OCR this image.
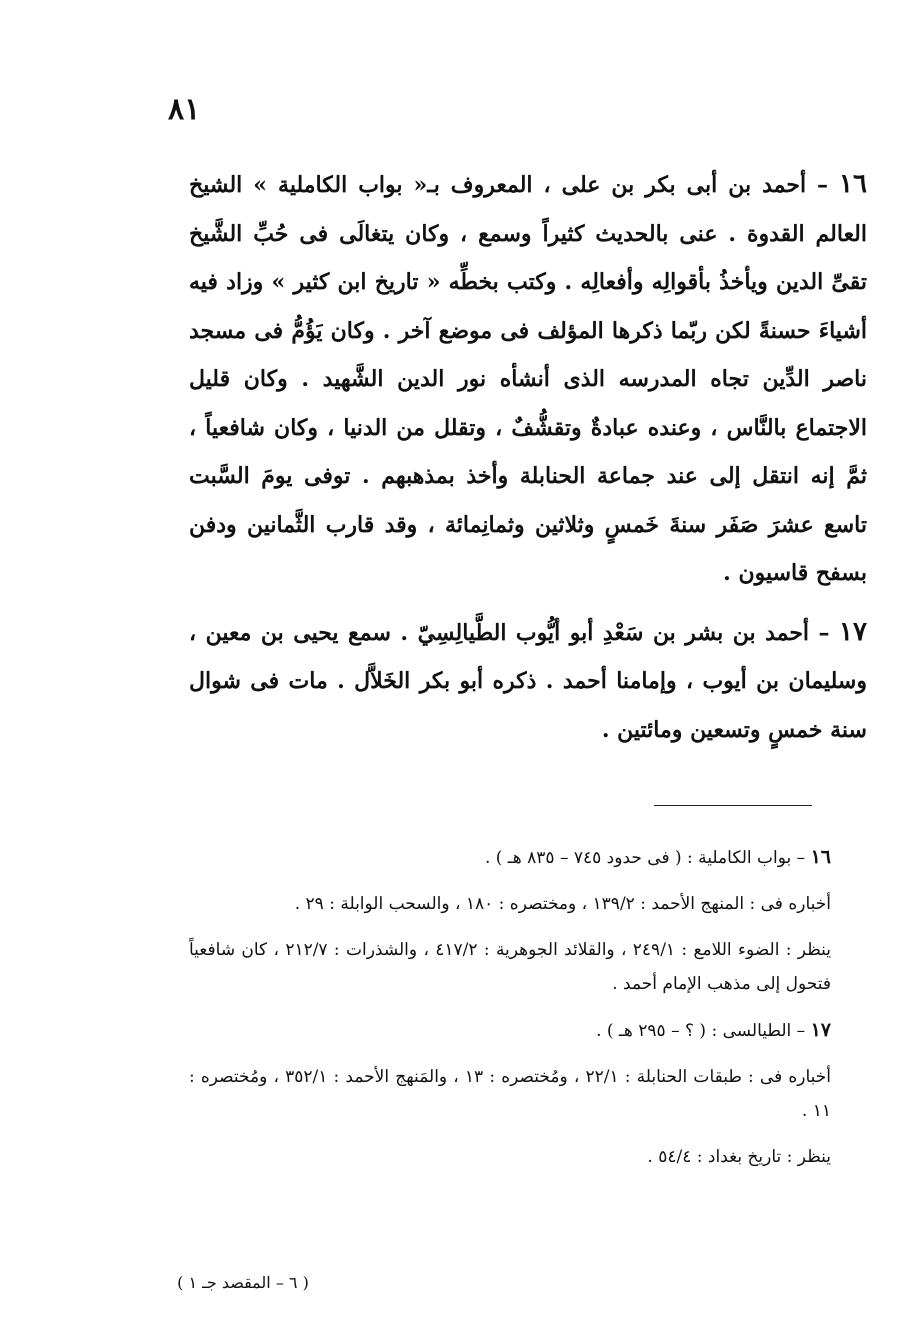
٨١

١٦ – أحمد بن أبى بكر بن على ، المعروف بـ« بواب الكاملية » الشيخ العالم القدوة . عنى بالحديث كثيراً وسمع ، وكان يتغالَى فى حُبِّ الشَّيخ تقىِّ الدين ويأخذُ بأقوالِه وأفعالِه . وكتب بخطِّه « تاريخ ابن كثير » وزاد فيه أشياءَ حسنةً لكن ربّما ذكرها المؤلف فى موضع آخر . وكان يَؤُمُّ فى مسجد ناصر الدِّين تجاه المدرسه الذى أنشأه نور الدين الشَّهيد . وكان قليل الاجتماع بالنَّاس ، وعنده عبادةٌ وتقشُّفٌ ، وتقلل من الدنيا ، وكان شافعياً ، ثمَّ إنه انتقل إلى عند جماعة الحنابلة وأخذ بمذهبهم . توفى يومَ السَّبت تاسع عشرَ صَفَر سنةَ خَمسٍ وثلاثين وثمانِمائة ، وقد قارب الثَّمانين ودفن بسفح قاسيون .

١٧ – أحمد بن بشر بن سَعْدِ أبو أيُّوب الطَّيالِسِيّ . سمع يحيى بن معين ، وسليمان بن أيوب ، وإمامنا أحمد . ذكره أبو بكر الخَلاَّل . مات فى شوال سنة خمسٍ وتسعين ومائتين .

١٦ – بواب الكاملية : ( فى حدود ٧٤٥ – ٨٣٥ هـ ) .

أخباره فى : المنهج الأحمد : ١٣٩/٢ ، ومختصره : ١٨٠ ، والسحب الوابلة : ٢٩ .

ينظر : الضوء اللامع : ٢٤٩/١ ، والقلائد الجوهرية : ٤١٧/٢ ، والشذرات : ٢١٢/٧ ، كان شافعياً فتحول إلى مذهب الإمام أحمد .

١٧ – الطيالسى : ( ؟ – ٢٩٥ هـ ) .

أخباره فى : طبقات الحنابلة : ٢٢/١ ، ومُختصره : ١٣ ، والمَنهج الأحمد : ٣٥٢/١ ، ومُختصره : ١١ .

ينظر : تاريخ بغداد : ٥٤/٤ .

( ٦ – المقصد جـ ١ )
